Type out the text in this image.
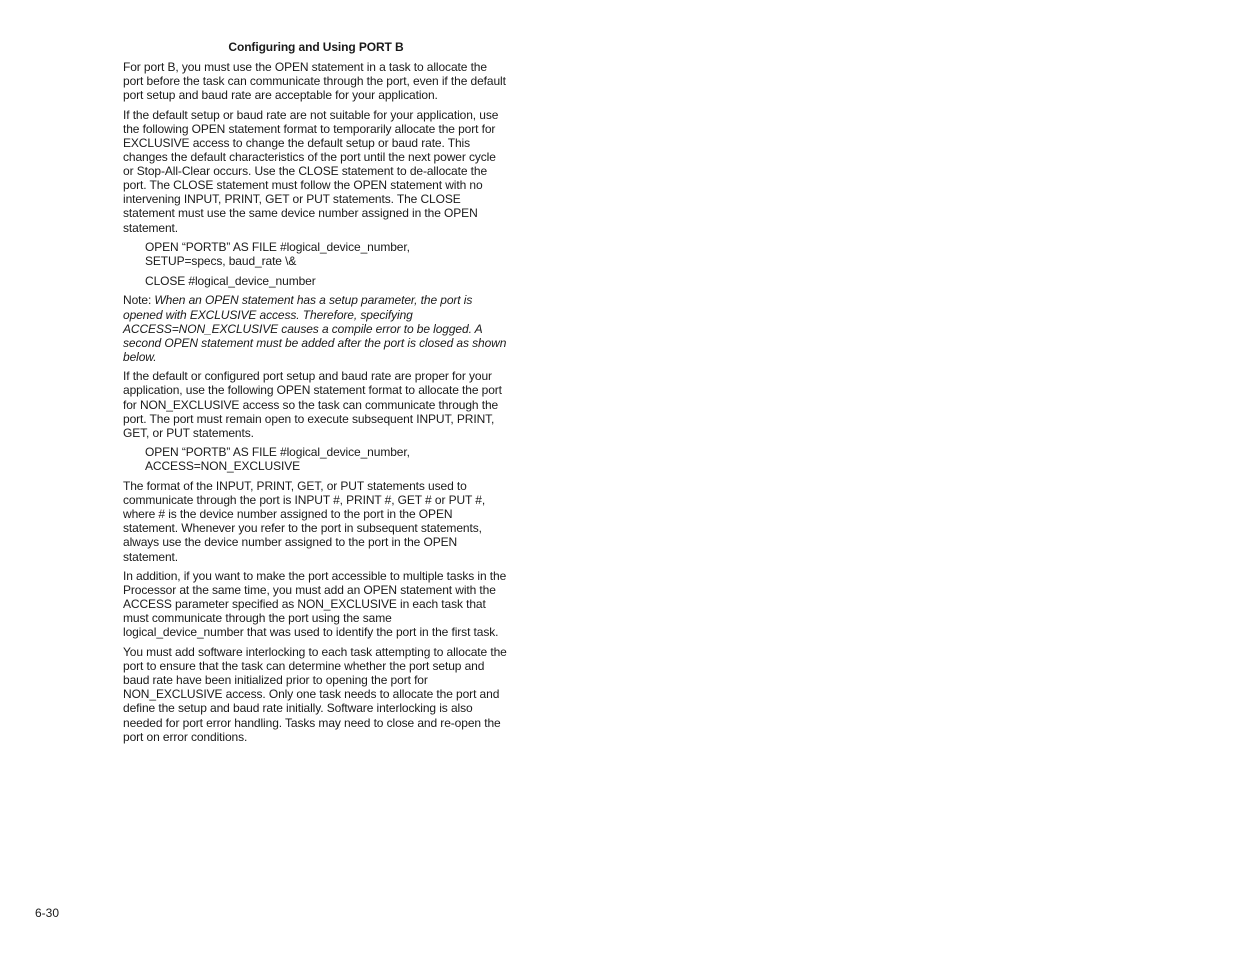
Configuring and Using PORT B

For port B, you must use the OPEN statement in a task to allocate the port before the task can communicate through the port, even if the default port setup and baud rate are acceptable for your application.

If the default setup or baud rate are not suitable for your application, use the following OPEN statement format to temporarily allocate the port for EXCLUSIVE access to change the default setup or baud rate. This changes the default characteristics of the port until the next power cycle or Stop-All-Clear occurs. Use the CLOSE statement to de-allocate the port. The CLOSE statement must follow the OPEN statement with no intervening INPUT, PRINT, GET or PUT statements. The CLOSE statement must use the same device number assigned in the OPEN statement.

OPEN “PORTB” AS FILE #logical_device_number,
SETUP=specs, baud_rate \&
CLOSE #logical_device_number

Note: When an OPEN statement has a setup parameter, the port is opened with EXCLUSIVE access. Therefore, specifying ACCESS=NON_EXCLUSIVE causes a compile error to be logged. A second OPEN statement must be added after the port is closed as shown below.

If the default or configured port setup and baud rate are proper for your application, use the following OPEN statement format to allocate the port for NON_EXCLUSIVE access so the task can communicate through the port. The port must remain open to execute subsequent INPUT, PRINT, GET, or PUT statements.

OPEN “PORTB” AS FILE #logical_device_number,
ACCESS=NON_EXCLUSIVE

The format of the INPUT, PRINT, GET, or PUT statements used to communicate through the port is INPUT #, PRINT #, GET # or PUT #, where # is the device number assigned to the port in the OPEN statement. Whenever you refer to the port in subsequent statements, always use the device number assigned to the port in the OPEN statement.

In addition, if you want to make the port accessible to multiple tasks in the Processor at the same time, you must add an OPEN statement with the ACCESS parameter specified as NON_EXCLUSIVE in each task that must communicate through the port using the same logical_device_number that was used to identify the port in the first task.

You must add software interlocking to each task attempting to allocate the port to ensure that the task can determine whether the port setup and baud rate have been initialized prior to opening the port for NON_EXCLUSIVE access. Only one task needs to allocate the port and define the setup and baud rate initially. Software interlocking is also needed for port error handling. Tasks may need to close and re-open the port on error conditions.

6-30
